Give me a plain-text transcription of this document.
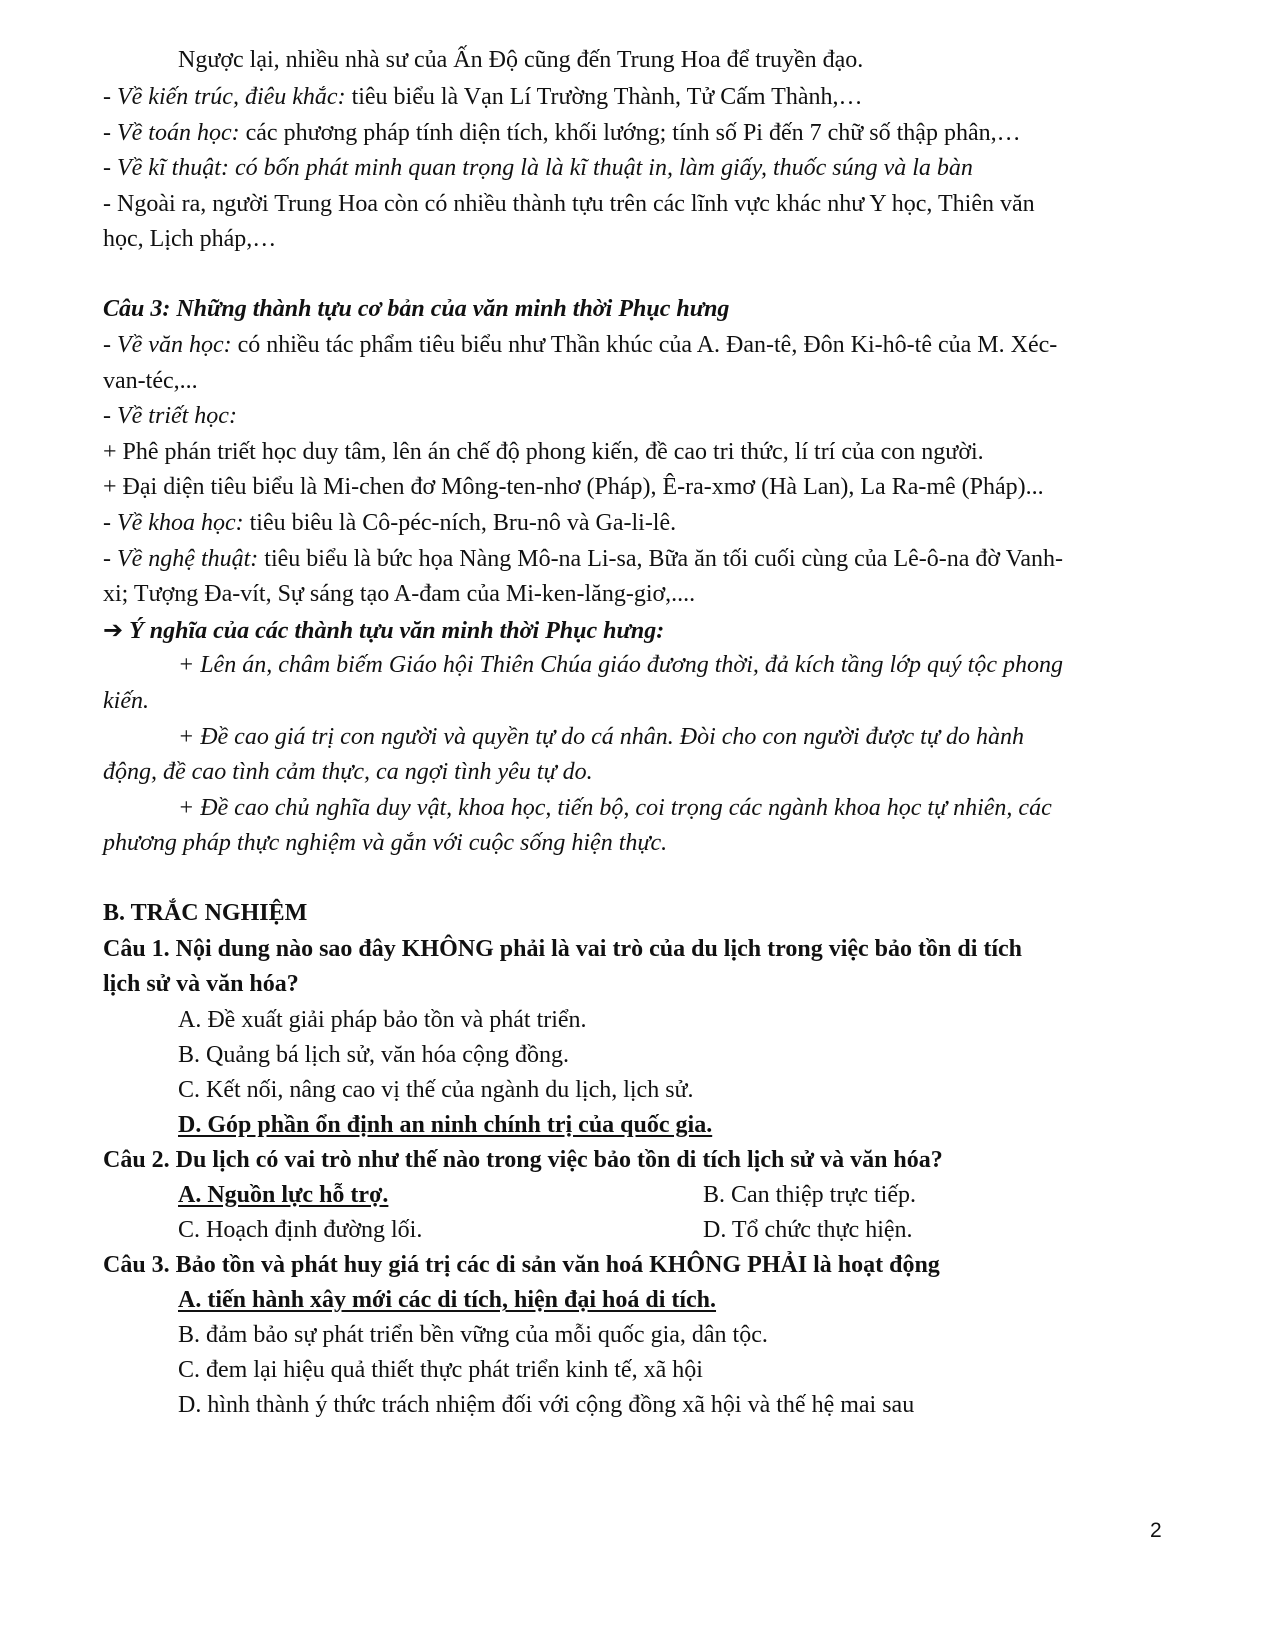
Ngược lại, nhiều nhà sư của Ấn Độ cũng đến Trung Hoa để truyền đạo.
- Về kiến trúc, điêu khắc: tiêu biểu là Vạn Lí Trường Thành, Tử Cấm Thành,…
- Về toán học: các phương pháp tính diện tích, khối lướng; tính số Pi đến 7 chữ số thập phân,…
- Về kĩ thuật: có bốn phát minh quan trọng là là kĩ thuật in, làm giấy, thuốc súng và la bàn
- Ngoài ra, người Trung Hoa còn có nhiều thành tựu trên các lĩnh vực khác như Y học, Thiên văn
học, Lịch pháp,…
Câu 3: Những thành tựu cơ bản của văn minh thời Phục hưng
- Về văn học: có nhiều tác phẩm tiêu biểu như Thần khúc của A. Đan-tê, Đôn Ki-hô-tê của M. Xéc-
van-téc,...
- Về triết học:
+ Phê phán triết học duy tâm, lên án chế độ phong kiến, đề cao tri thức, lí trí của con người.
+ Đại diện tiêu biểu là Mi-chen đơ Mông-ten-nhơ (Pháp), Ê-ra-xmơ (Hà Lan), La Ra-mê (Pháp)...
- Về khoa học: tiêu biêu là Cô-péc-ních, Bru-nô và Ga-li-lê.
- Về nghệ thuật: tiêu biểu là bức họa Nàng Mô-na Li-sa, Bữa ăn tối cuối cùng của Lê-ô-na đờ Vanh-
xi; Tượng Đa-vít, Sự sáng tạo A-đam của Mi-ken-lăng-giơ,....
➔ Ý nghĩa của các thành tựu văn minh thời Phục hưng:
+ Lên án, châm biếm Giáo hội Thiên Chúa giáo đương thời, đả kích tầng lớp quý tộc phong
kiến.
+ Đề cao giá trị con người và quyền tự do cá nhân. Đòi cho con người được tự do hành
động, đề cao tình cảm thực, ca ngợi tình yêu tự do.
+ Đề cao chủ nghĩa duy vật, khoa học, tiến bộ, coi trọng các ngành khoa học tự nhiên, các
phương pháp thực nghiệm và gắn với cuộc sống hiện thực.
B. TRẮC NGHIỆM
Câu 1. Nội dung nào sao đây KHÔNG phải là vai trò của du lịch trong việc bảo tồn di tích
lịch sử và văn hóa?
A. Đề xuất giải pháp bảo tồn và phát triển.
B. Quảng bá lịch sử, văn hóa cộng đồng.
C. Kết nối, nâng cao vị thế của ngành du lịch, lịch sử.
D. Góp phần ổn định an ninh chính trị của quốc gia.
Câu 2. Du lịch có vai trò như thế nào trong việc bảo tồn di tích lịch sử và văn hóa?
A. Nguồn lực hỗ trợ.	B. Can thiệp trực tiếp.
C. Hoạch định đường lối.	D. Tổ chức thực hiện.
Câu 3. Bảo tồn và phát huy giá trị các di sản văn hoá KHÔNG PHẢI là hoạt động
A. tiến hành xây mới các di tích, hiện đại hoá di tích.
B. đảm bảo sự phát triển bền vững của mỗi quốc gia, dân tộc.
C. đem lại hiệu quả thiết thực phát triển kinh tế, xã hội
D. hình thành ý thức trách nhiệm đối với cộng đồng xã hội và thế hệ mai sau
2
